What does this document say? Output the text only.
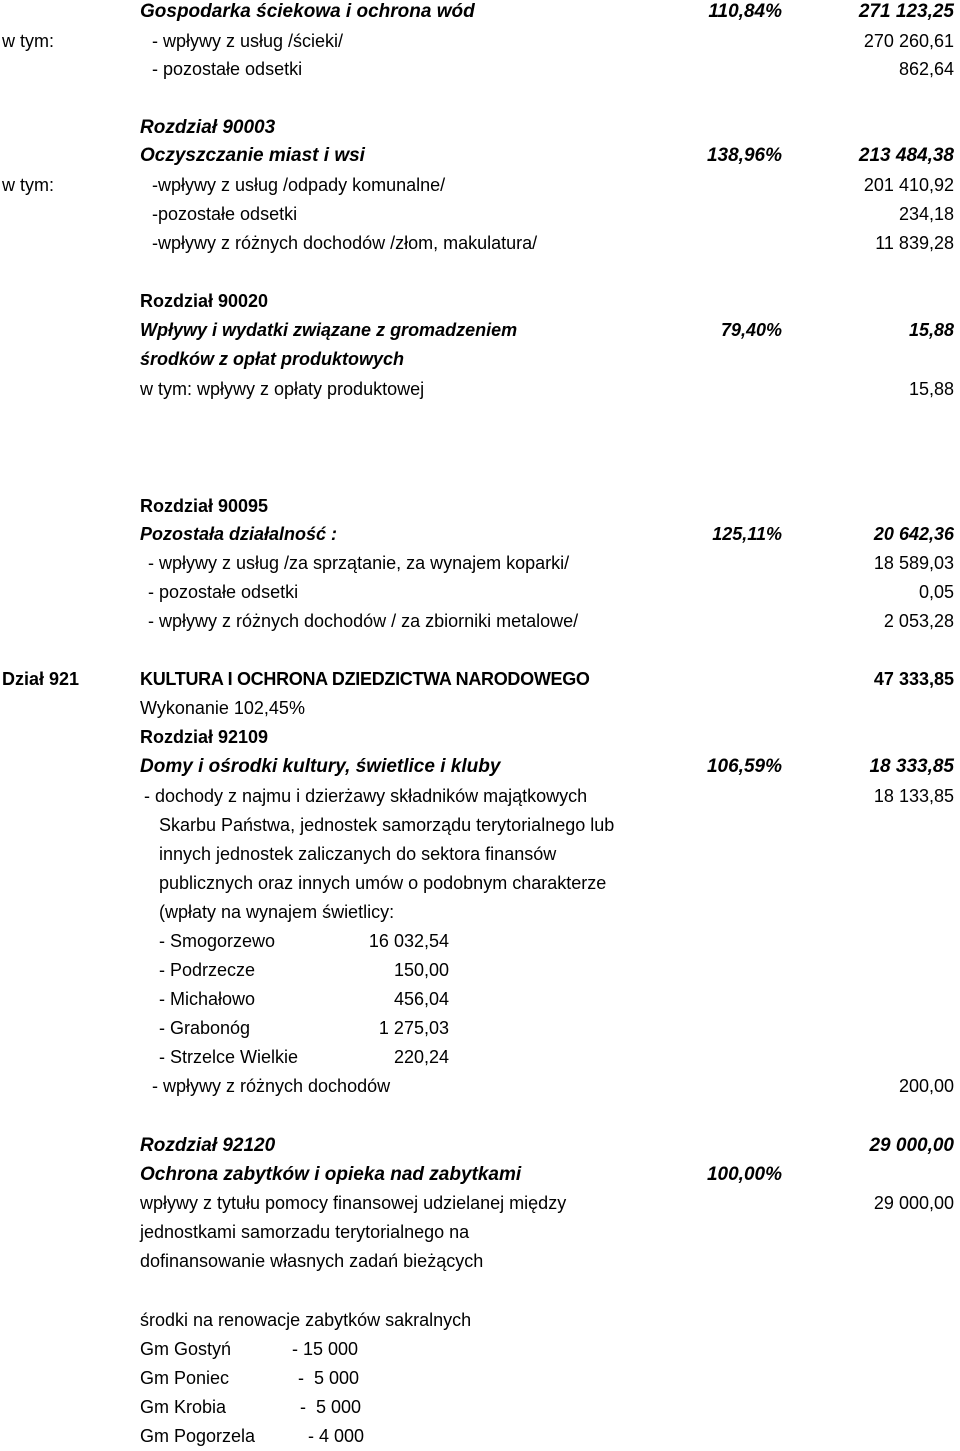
Gospodarka ściekowa i ochrona wód	110,84%	271 123,25
w tym:	- wpływy z usług /ścieki/	270 260,61
- pozostałe odsetki	862,64
Rozdział 90003
Oczyszczanie miast i wsi	138,96%	213 484,38
w tym:	-wpływy z usług /odpady komunalne/	201 410,92
-pozostałe odsetki	234,18
-wpływy z różnych dochodów /złom, makulatura/	11 839,28
Rozdział 90020
Wpływy i wydatki związane z gromadzeniem	79,40%	15,88
środków z opłat produktowych
w tym: wpływy z opłaty produktowej	15,88
Rozdział 90095
Pozostała działalność :	125,11%	20 642,36
- wpływy z usług /za sprzątanie, za wynajem koparki/	18 589,03
- pozostałe odsetki	0,05
- wpływy z różnych dochodów / za zbiorniki metalowe/	2 053,28
Dział 921	KULTURA I OCHRONA DZIEDZICTWA NARODOWEGO	47 333,85
Wykonanie 102,45%
Rozdział 92109
Domy i ośrodki kultury, świetlice i kluby	106,59%	18 333,85
- dochody z najmu i dzierżawy składników majątkowych	18 133,85
Skarbu Państwa, jednostek samorządu terytorialnego lub
innych jednostek zaliczanych do sektora finansów
publicznych oraz innych umów o podobnym charakterze
(wpłaty na wynajem świetlicy:
- Smogorzewo	16 032,54
- Podrzecze	150,00
- Michałowo	456,04
- Grabonóg	1 275,03
- Strzelce Wielkie	220,24
- wpływy z różnych dochodów	200,00
Rozdział 92120	29 000,00
Ochrona zabytków i opieka nad zabytkami	100,00%
wpływy z tytułu pomocy finansowej udzielanej między	29 000,00
jednostkami samorzadu terytorialnego na
dofinansowanie własnych zadań bieżących
środki na renowacje zabytków sakralnych
Gm Gostyń	- 15 000
Gm Poniec	-  5 000
Gm Krobia	-  5 000
Gm Pogorzela	- 4 000
